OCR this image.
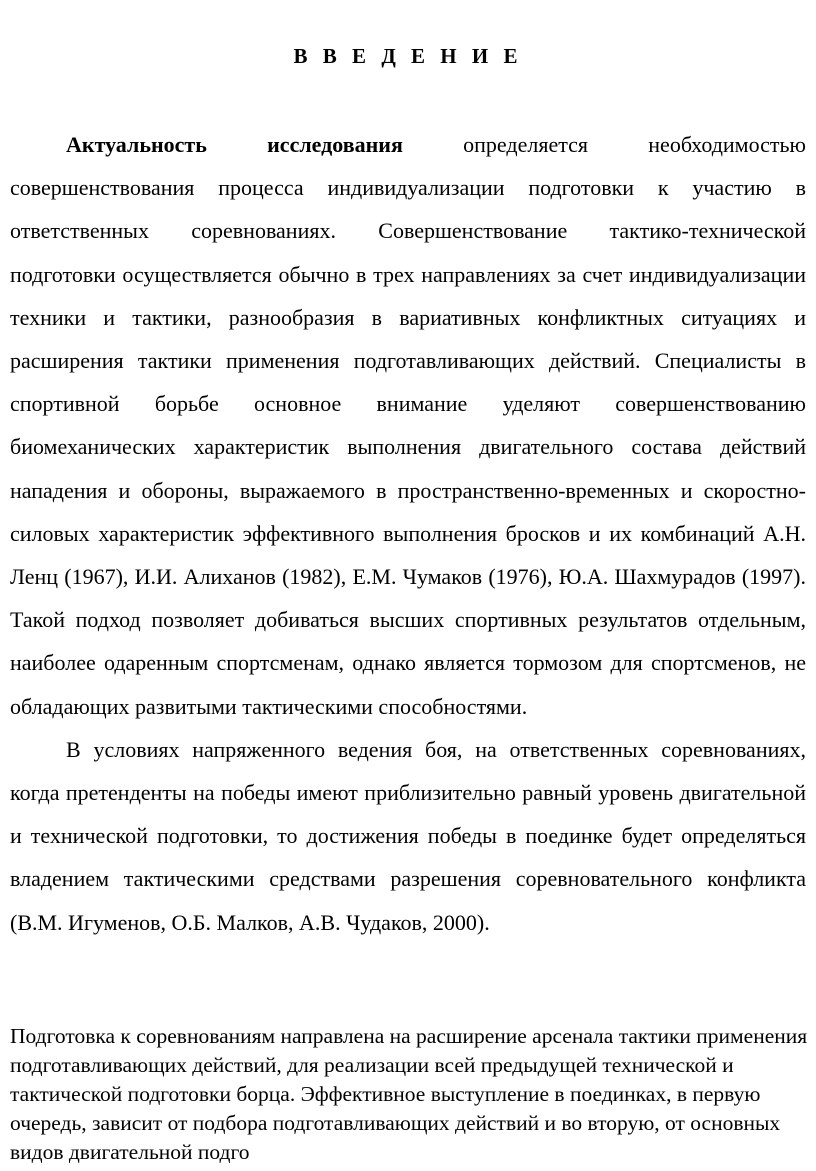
В В Е Д Е Н И Е

Актуальность исследования определяется необходимостью совершенствования процесса индивидуализации подготовки к участию в ответственных соревнованиях. Совершенствование тактико-технической подготовки осуществляется обычно в трех направлениях за счет индивидуализации техники и тактики, разнообразия в вариативных конфликтных ситуациях и расширения тактики применения подготавливающих действий. Специалисты в спортивной борьбе основное внимание уделяют совершенствованию биомеханических характеристик выполнения двигательного состава действий нападения и обороны, выражаемого в пространственно-временных и скоростно-силовых характеристик эффективного выполнения бросков и их комбинаций А.Н. Ленц (1967), И.И. Алиханов (1982), Е.М. Чумаков (1976), Ю.А. Шахмурадов (1997). Такой подход позволяет добиваться высших спортивных результатов отдельным, наиболее одаренным спортсменам, однако является тормозом для спортсменов, не обладающих развитыми тактическими способностями.

В условиях напряженного ведения боя, на ответственных соревнованиях, когда претенденты на победы имеют приблизительно равный уровень двигательной и технической подготовки, то достижения победы в поединке будет определяться владением тактическими средствами разрешения соревновательного конфликта (В.М. Игуменов, О.Б. Малков, А.В. Чудаков, 2000).

Подготовка к соревнованиям направлена на расширение арсенала тактики применения подготавливающих действий, для реализации всей предыдущей технической и тактической подготовки борца. Эффективное выступление в поединках, в первую очередь, зависит от подбора подготавливающих действий и во вторую, от основных видов двигательной подго
